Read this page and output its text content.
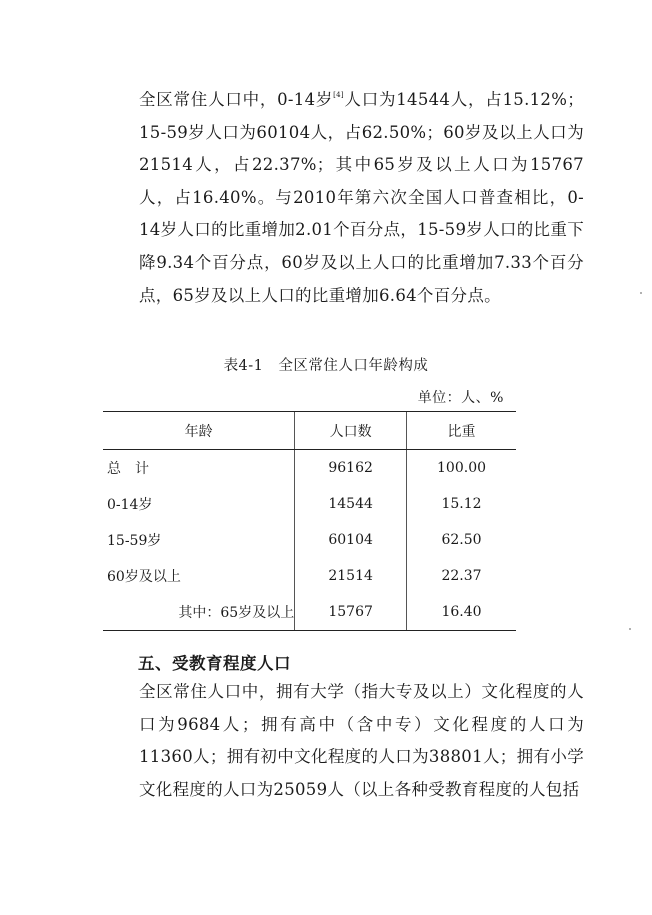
全区常住人口中，0-14岁[4]人口为14544人，占15.12%；15-59岁人口为60104人，占62.50%；60岁及以上人口为21514人，占22.37%；其中65岁及以上人口为15767人，占16.40%。与2010年第六次全国人口普查相比，0-14岁人口的比重增加2.01个百分点，15-59岁人口的比重下降9.34个百分点，60岁及以上人口的比重增加7.33个百分点，65岁及以上人口的比重增加6.64个百分点。

表4-1　全区常住人口年龄构成
单位：人、%
年龄	人口数	比重
总　计	96162	100.00
0-14岁	14544	15.12
15-59岁	60104	62.50
60岁及以上	21514	22.37
其中：65岁及以上	15767	16.40
五、受教育程度人口

全区常住人口中，拥有大学（指大专及以上）文化程度的人口为9684人；拥有高中（含中专）文化程度的人口为11360人；拥有初中文化程度的人口为38801人；拥有小学文化程度的人口为25059人（以上各种受教育程度的人包括
